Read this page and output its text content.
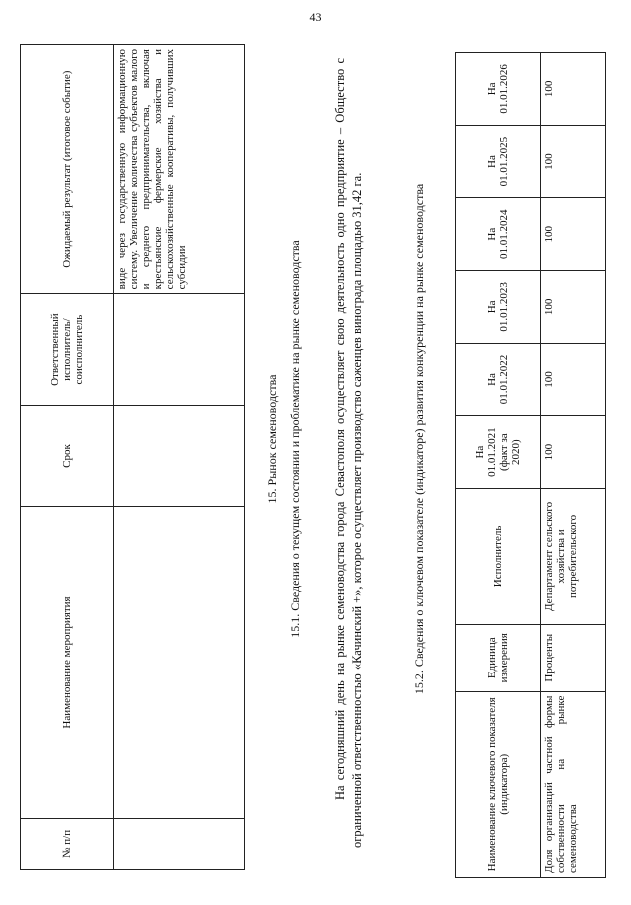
43
№ п/п	Наименование мероприятия	Срок	Ответственный исполнитель/ соисполнитель	Ожидаемый результат (итоговое событие)
				виде через государственную информационную систему. Увеличение количества субъектов малого и среднего предпринимательства, включая крестьянские фермерские хозяйства и сельскохозяйственные кооперативы, получивших субсидии
15. Рынок семеноводства 15.1. Сведения о текущем состоянии и проблематике на рынке семеноводства На сегодняшний день на рынке семеноводства города Севастополя осуществляет свою деятельность одно предприятие – Общество с ограниченной ответственностью «Качинский +», которое осуществляет производство саженцев винограда площадью 31,42 га.	15.2. Сведения о ключевом показателе (индикаторе) развития конкуренции на рынке семеноводства
Наименование ключевого показателя (индикатора)	Единица измерения	Исполнитель	На 01.01.2021 (факт за 2020)	На 01.01.2022	На 01.01.2023	На 01.01.2024	На 01.01.2025	На 01.01.2026
Доля организаций частной формы собственности на рынке семеноводства	Проценты	Департамент сельского хозяйства и потребительского	100	100	100	100	100	100
